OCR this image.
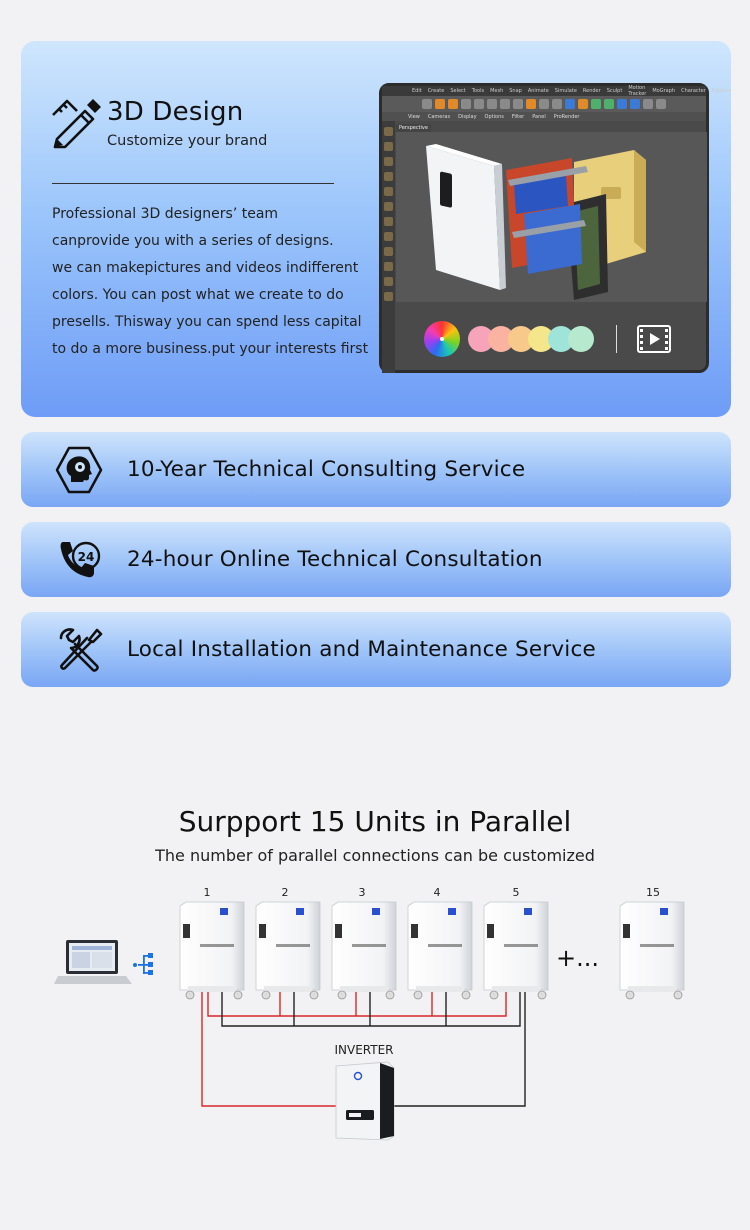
3D Design
Customize your brand

Professional 3D designers’ team

canprovide you with a series of designs.

we can makepictures and videos indifferent

colors. You can post what we create to do

presells. Thisway you can spend less capital

to do a more business.put your interests first

Edit Create Select Tools Mesh Snap Animate Simulate Render Sculpt Motion Tracker MoGraph Character Pipeline
View Cameras Display Options Filter Panel ProRender
Perspective
10-Year Technical Consulting Service
24 24-hour Online Technical Consultation
Local Installation and Maintenance Service
Surpport 15 Units in Parallel
The number of parallel connections can be customized
1	2	3	4	5	15
+...
INVERTER
